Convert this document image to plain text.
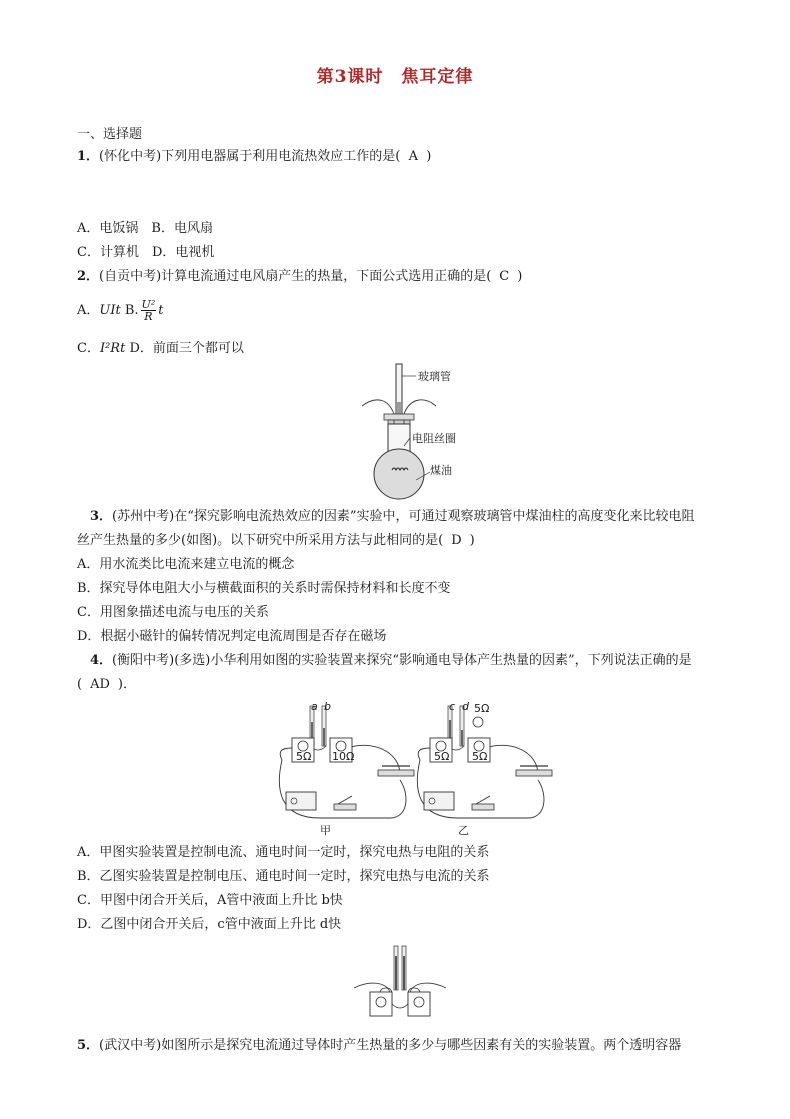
第3课时　焦耳定律
一、选择题
1．(怀化中考)下列用电器属于利用电流热效应工作的是( A )
A．电饭锅　B．电风扇
C．计算机　D．电视机
2．(自贡中考)计算电流通过电风扇产生的热量，下面公式选用正确的是( C )
A．UIt B. $\frac{\text{U²}}{R}$ t
C．I²Rt D．前面三个都可以
玻璃管
电阻丝圈
煤油
3．(苏州中考)在“探究影响电流热效应的因素”实验中，可通过观察玻璃管中煤油柱的高度变化来比较电阻
丝产生热量的多少(如图)。以下研究中所采用方法与此相同的是( D )
A．用水流类比电流来建立电流的概念
B．探究导体电阻大小与横截面积的关系时需保持材料和长度不变
C．用图象描述电流与电压的关系
D．根据小磁针的偏转情况判定电流周围是否存在磁场
4．(衡阳中考)(多选)小华利用如图的实验装置来探究“影响通电导体产生热量的因素”，下列说法正确的是
( AD )．
a b
5Ω 10Ω
甲
c d 5Ω
5Ω 5Ω
乙
A．甲图实验装置是控制电流、通电时间一定时，探究电热与电阻的关系
B．乙图实验装置是控制电压、通电时间一定时，探究电热与电流的关系
C．甲图中闭合开关后，A管中液面上升比 b快
D．乙图中闭合开关后，c管中液面上升比 d快
5．(武汉中考)如图所示是探究电流通过导体时产生热量的多少与哪些因素有关的实验装置。两个透明容器
